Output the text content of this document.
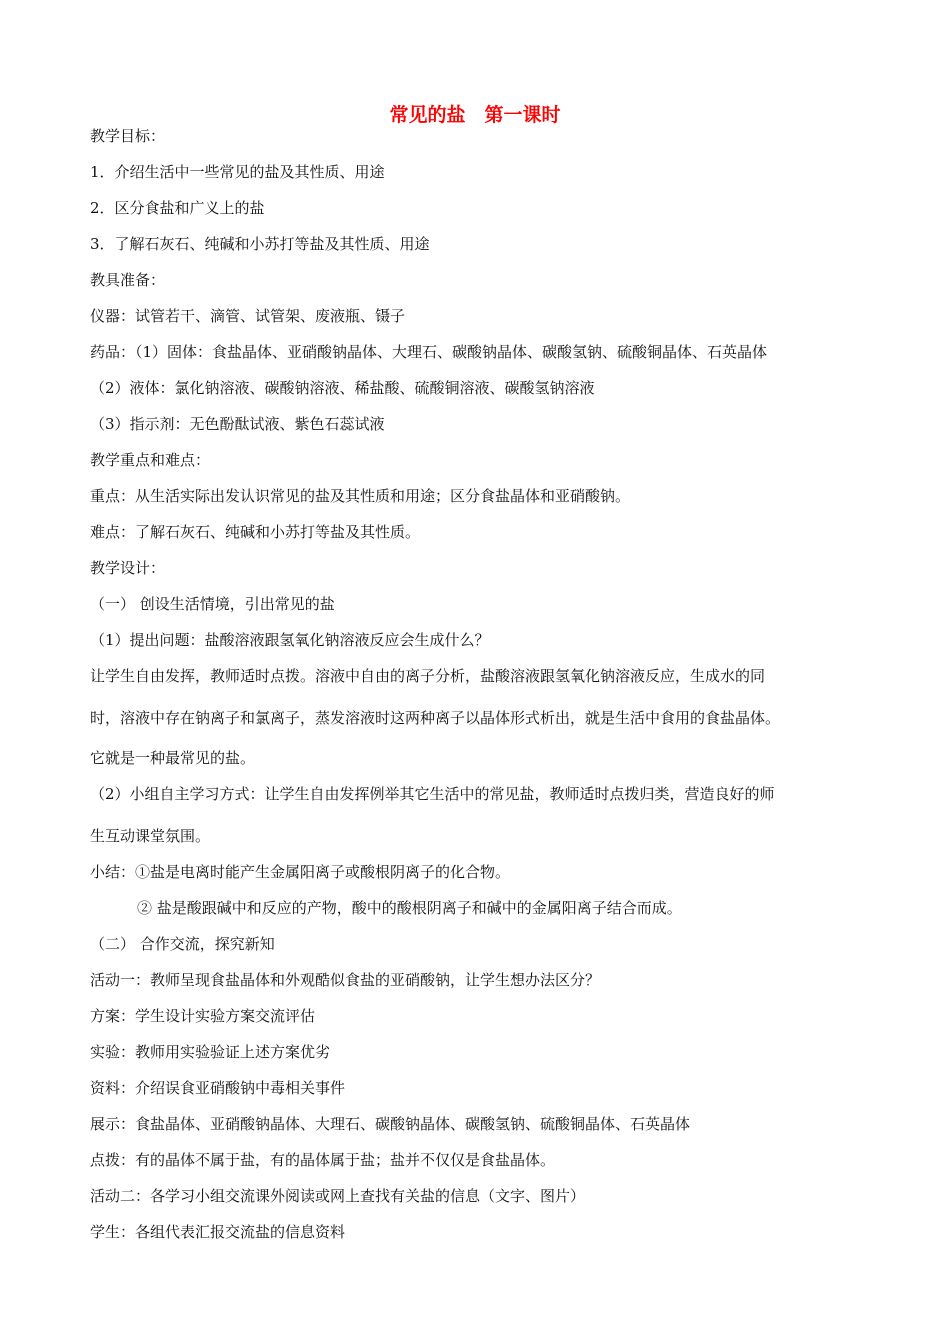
常见的盐　第一课时
教学目标：
1．介绍生活中一些常见的盐及其性质、用途
2．区分食盐和广义上的盐
3．了解石灰石、纯碱和小苏打等盐及其性质、用途
教具准备：
仪器：试管若干、滴管、试管架、废液瓶、镊子
药品：（1）固体：食盐晶体、亚硝酸钠晶体、大理石、碳酸钠晶体、碳酸氢钠、硫酸铜晶体、石英晶体
（2）液体：氯化钠溶液、碳酸钠溶液、稀盐酸、硫酸铜溶液、碳酸氢钠溶液
（3）指示剂：无色酚酞试液、紫色石蕊试液
教学重点和难点：
重点：从生活实际出发认识常见的盐及其性质和用途；区分食盐晶体和亚硝酸钠。
难点：了解石灰石、纯碱和小苏打等盐及其性质。
教学设计：
（一） 创设生活情境，引出常见的盐
（1）提出问题：盐酸溶液跟氢氧化钠溶液反应会生成什么？
让学生自由发挥，教师适时点拨。溶液中自由的离子分析，盐酸溶液跟氢氧化钠溶液反应，生成水的同
时，溶液中存在钠离子和氯离子，蒸发溶液时这两种离子以晶体形式析出，就是生活中食用的食盐晶体。
它就是一种最常见的盐。
（2）小组自主学习方式：让学生自由发挥例举其它生活中的常见盐，教师适时点拨归类，营造良好的师
生互动课堂氛围。
小结：①盐是电离时能产生金属阳离子或酸根阴离子的化合物。
② 盐是酸跟碱中和反应的产物，酸中的酸根阴离子和碱中的金属阳离子结合而成。
（二） 合作交流，探究新知
活动一：教师呈现食盐晶体和外观酷似食盐的亚硝酸钠，让学生想办法区分？
方案：学生设计实验方案交流评估
实验：教师用实验验证上述方案优劣
资料：介绍误食亚硝酸钠中毒相关事件
展示：食盐晶体、亚硝酸钠晶体、大理石、碳酸钠晶体、碳酸氢钠、硫酸铜晶体、石英晶体
点拨：有的晶体不属于盐，有的晶体属于盐；盐并不仅仅是食盐晶体。
活动二：各学习小组交流课外阅读或网上查找有关盐的信息（文字、图片）
学生：各组代表汇报交流盐的信息资料
